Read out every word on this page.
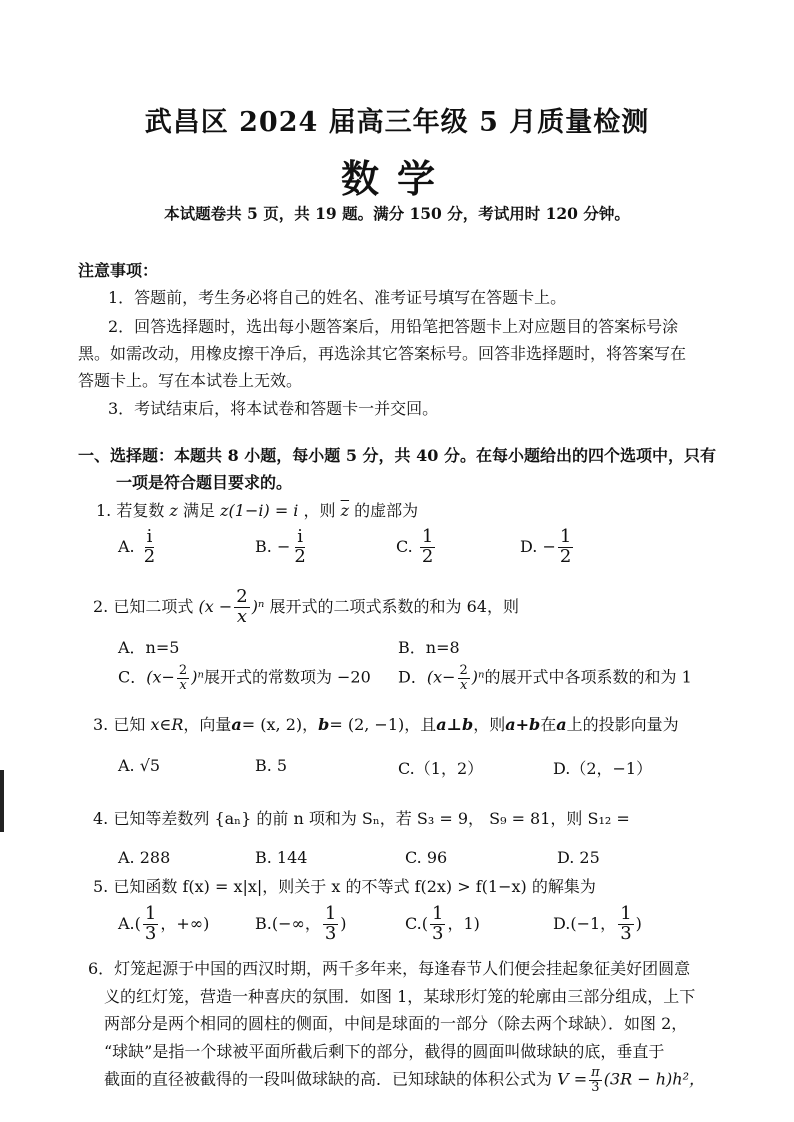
武昌区 2024 届高三年级 5 月质量检测
数学
本试题卷共 5 页，共 19 题。满分 150 分，考试用时 120 分钟。
注意事项：
1．答题前，考生务必将自己的姓名、准考证号填写在答题卡上。
2．回答选择题时，选出每小题答案后，用铅笔把答题卡上对应题目的答案标号涂
黑。如需改动，用橡皮擦干净后，再选涂其它答案标号。回答非选择题时，将答案写在
答题卡上。写在本试卷上无效。
3．考试结束后，将本试卷和答题卡一并交回。
一、选择题：本题共 8 小题，每小题 5 分，共 40 分。在每小题给出的四个选项中，只有
一项是符合题目要求的。
1. 若复数 z 满足 z(1−i) = i ，则 $\overline{z}$ 的虚部为
A. $\frac{i}{2}$	B. − $\frac{i}{2}$	C. $\frac{1}{2}$	D. − $\frac{1}{2}$
2. 已知二项式 $(x - \frac{2}{x} )^n$ 展开式的二项式系数的和为 64，则
A．n=5	B．n=8
C．$(x- \frac{2}{x} )^n$展开式的常数项为 −20 D．$(x- \frac{2}{x} )^n$的展开式中各项系数的和为 1
3. 已知 x∈R，向量a= (x, 2)，b= (2, −1)，且a⊥b，则a+b在a上的投影向量为
A. √5	B. 5	C.（1，2）	D.（2，−1）
4. 已知等差数列 {aₙ} 的前 n 项和为 Sₙ，若 S₃ = 9， S₉ = 81，则 S₁₂ =
A. 288	B. 144	C. 96	D. 25
5. 已知函数 f(x) = x|x|，则关于 x 的不等式 f(2x) > f(1−x) 的解集为
$A.( \frac{1}{3}$ ，+∞)	B.(−∞， $\frac{1}{3}$ )	$C.( \frac{1}{3}$ ，1)	D.(−1， $\frac{1}{3}$ )
6．灯笼起源于中国的西汉时期，两千多年来，每逢春节人们便会挂起象征美好团圆意
义的红灯笼，营造一种喜庆的氛围．如图 1，某球形灯笼的轮廓由三部分组成，上下
两部分是两个相同的圆柱的侧面，中间是球面的一部分（除去两个球缺）．如图 2，
“球缺”是指一个球被平面所截后剩下的部分，截得的圆面叫做球缺的底，垂直于
截面的直径被截得的一段叫做球缺的高．已知球缺的体积公式为 $V = \frac{\pi}{3} (3R - h)h^2$，
